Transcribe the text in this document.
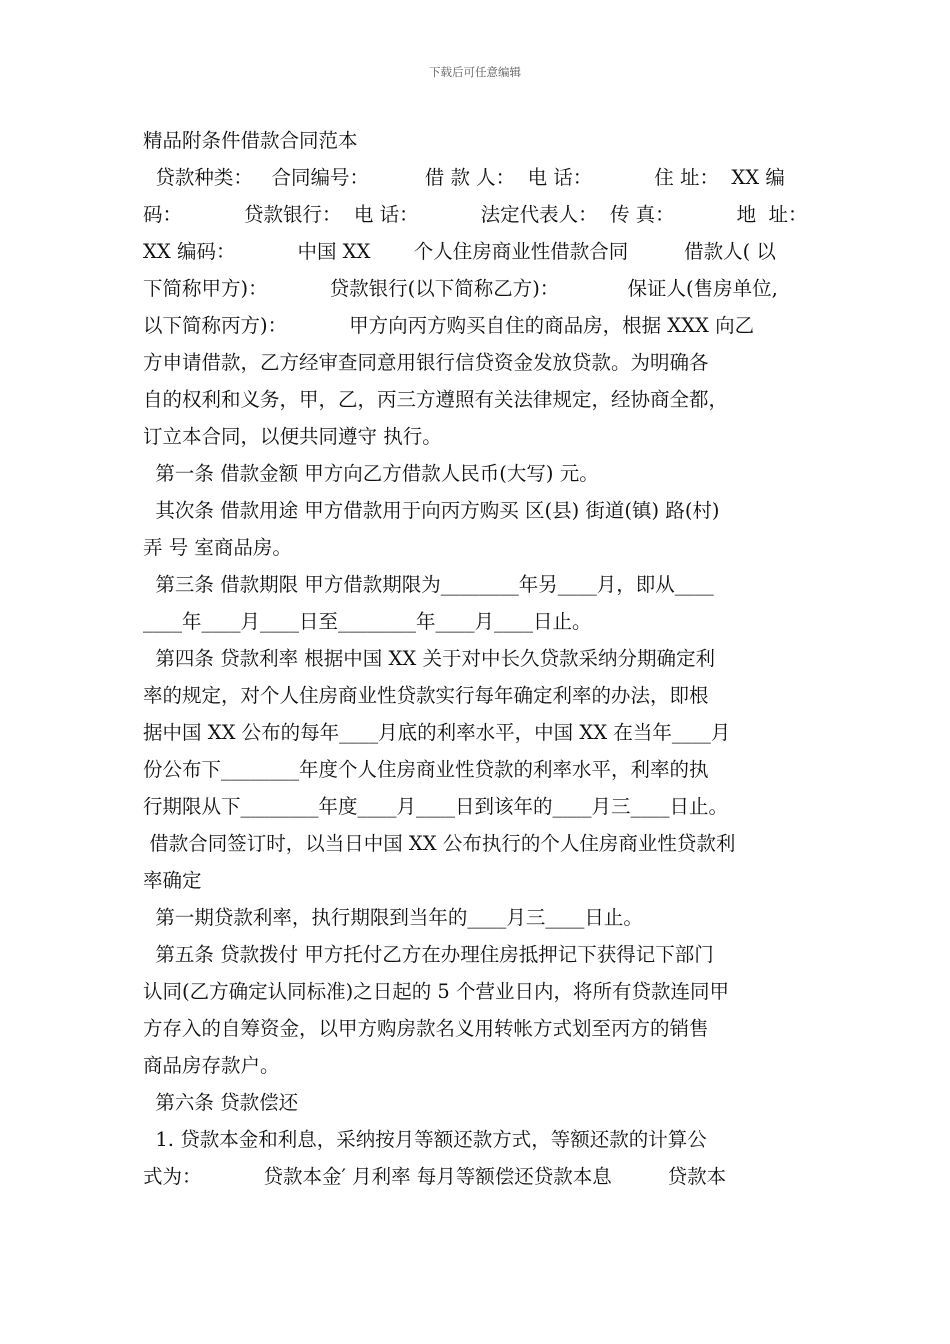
下载后可任意编辑
精品附条件借款合同范本
贷款种类：   合同编号：         借 款 人：  电 话：          住 址：  XX 编
码：          贷款银行：  电 话：          法定代表人：  传 真：          地  址：
XX 编码：          中国 XX       个人住房商业性借款合同         借款人( 以
下简称甲方)：          贷款银行(以下简称乙方)：           保证人(售房单位,
以下简称丙方)：          甲方向丙方购买自住的商品房，根据 XXX 向乙
方申请借款，乙方经审查同意用银行信贷资金发放贷款。为明确各
自的权利和义务，甲，乙，丙三方遵照有关法律规定，经协商全都，
订立本合同，以便共同遵守 执行。
第一条 借款金额 甲方向乙方借款人民币(大写) 元。
其次条 借款用途 甲方借款用于向丙方购买 区(县) 街道(镇) 路(村)
弄 号 室商品房。
第三条 借款期限 甲方借款期限为________年另____月，即从____
____年____月____日至________年____月____日止。
第四条 贷款利率 根据中国 XX 关于对中长久贷款采纳分期确定利
率的规定，对个人住房商业性贷款实行每年确定利率的办法，即根
据中国 XX 公布的每年____月底的利率水平，中国 XX 在当年____月
份公布下________年度个人住房商业性贷款的利率水平，利率的执
行期限从下________年度____月____日到该年的____月三____日止。
借款合同签订时，以当日中国 XX 公布执行的个人住房商业性贷款利
率确定
第一期贷款利率，执行期限到当年的____月三____日止。
第五条 贷款拨付 甲方托付乙方在办理住房抵押记下获得记下部门
认同(乙方确定认同标准)之日起的 5 个营业日内，将所有贷款连同甲
方存入的自筹资金，以甲方购房款名义用转帐方式划至丙方的销售
商品房存款户。
第六条 贷款偿还
1. 贷款本金和利息，采纳按月等额还款方式，等额还款的计算公
式为：          贷款本金′ 月利率 每月等额偿还贷款本息         贷款本
